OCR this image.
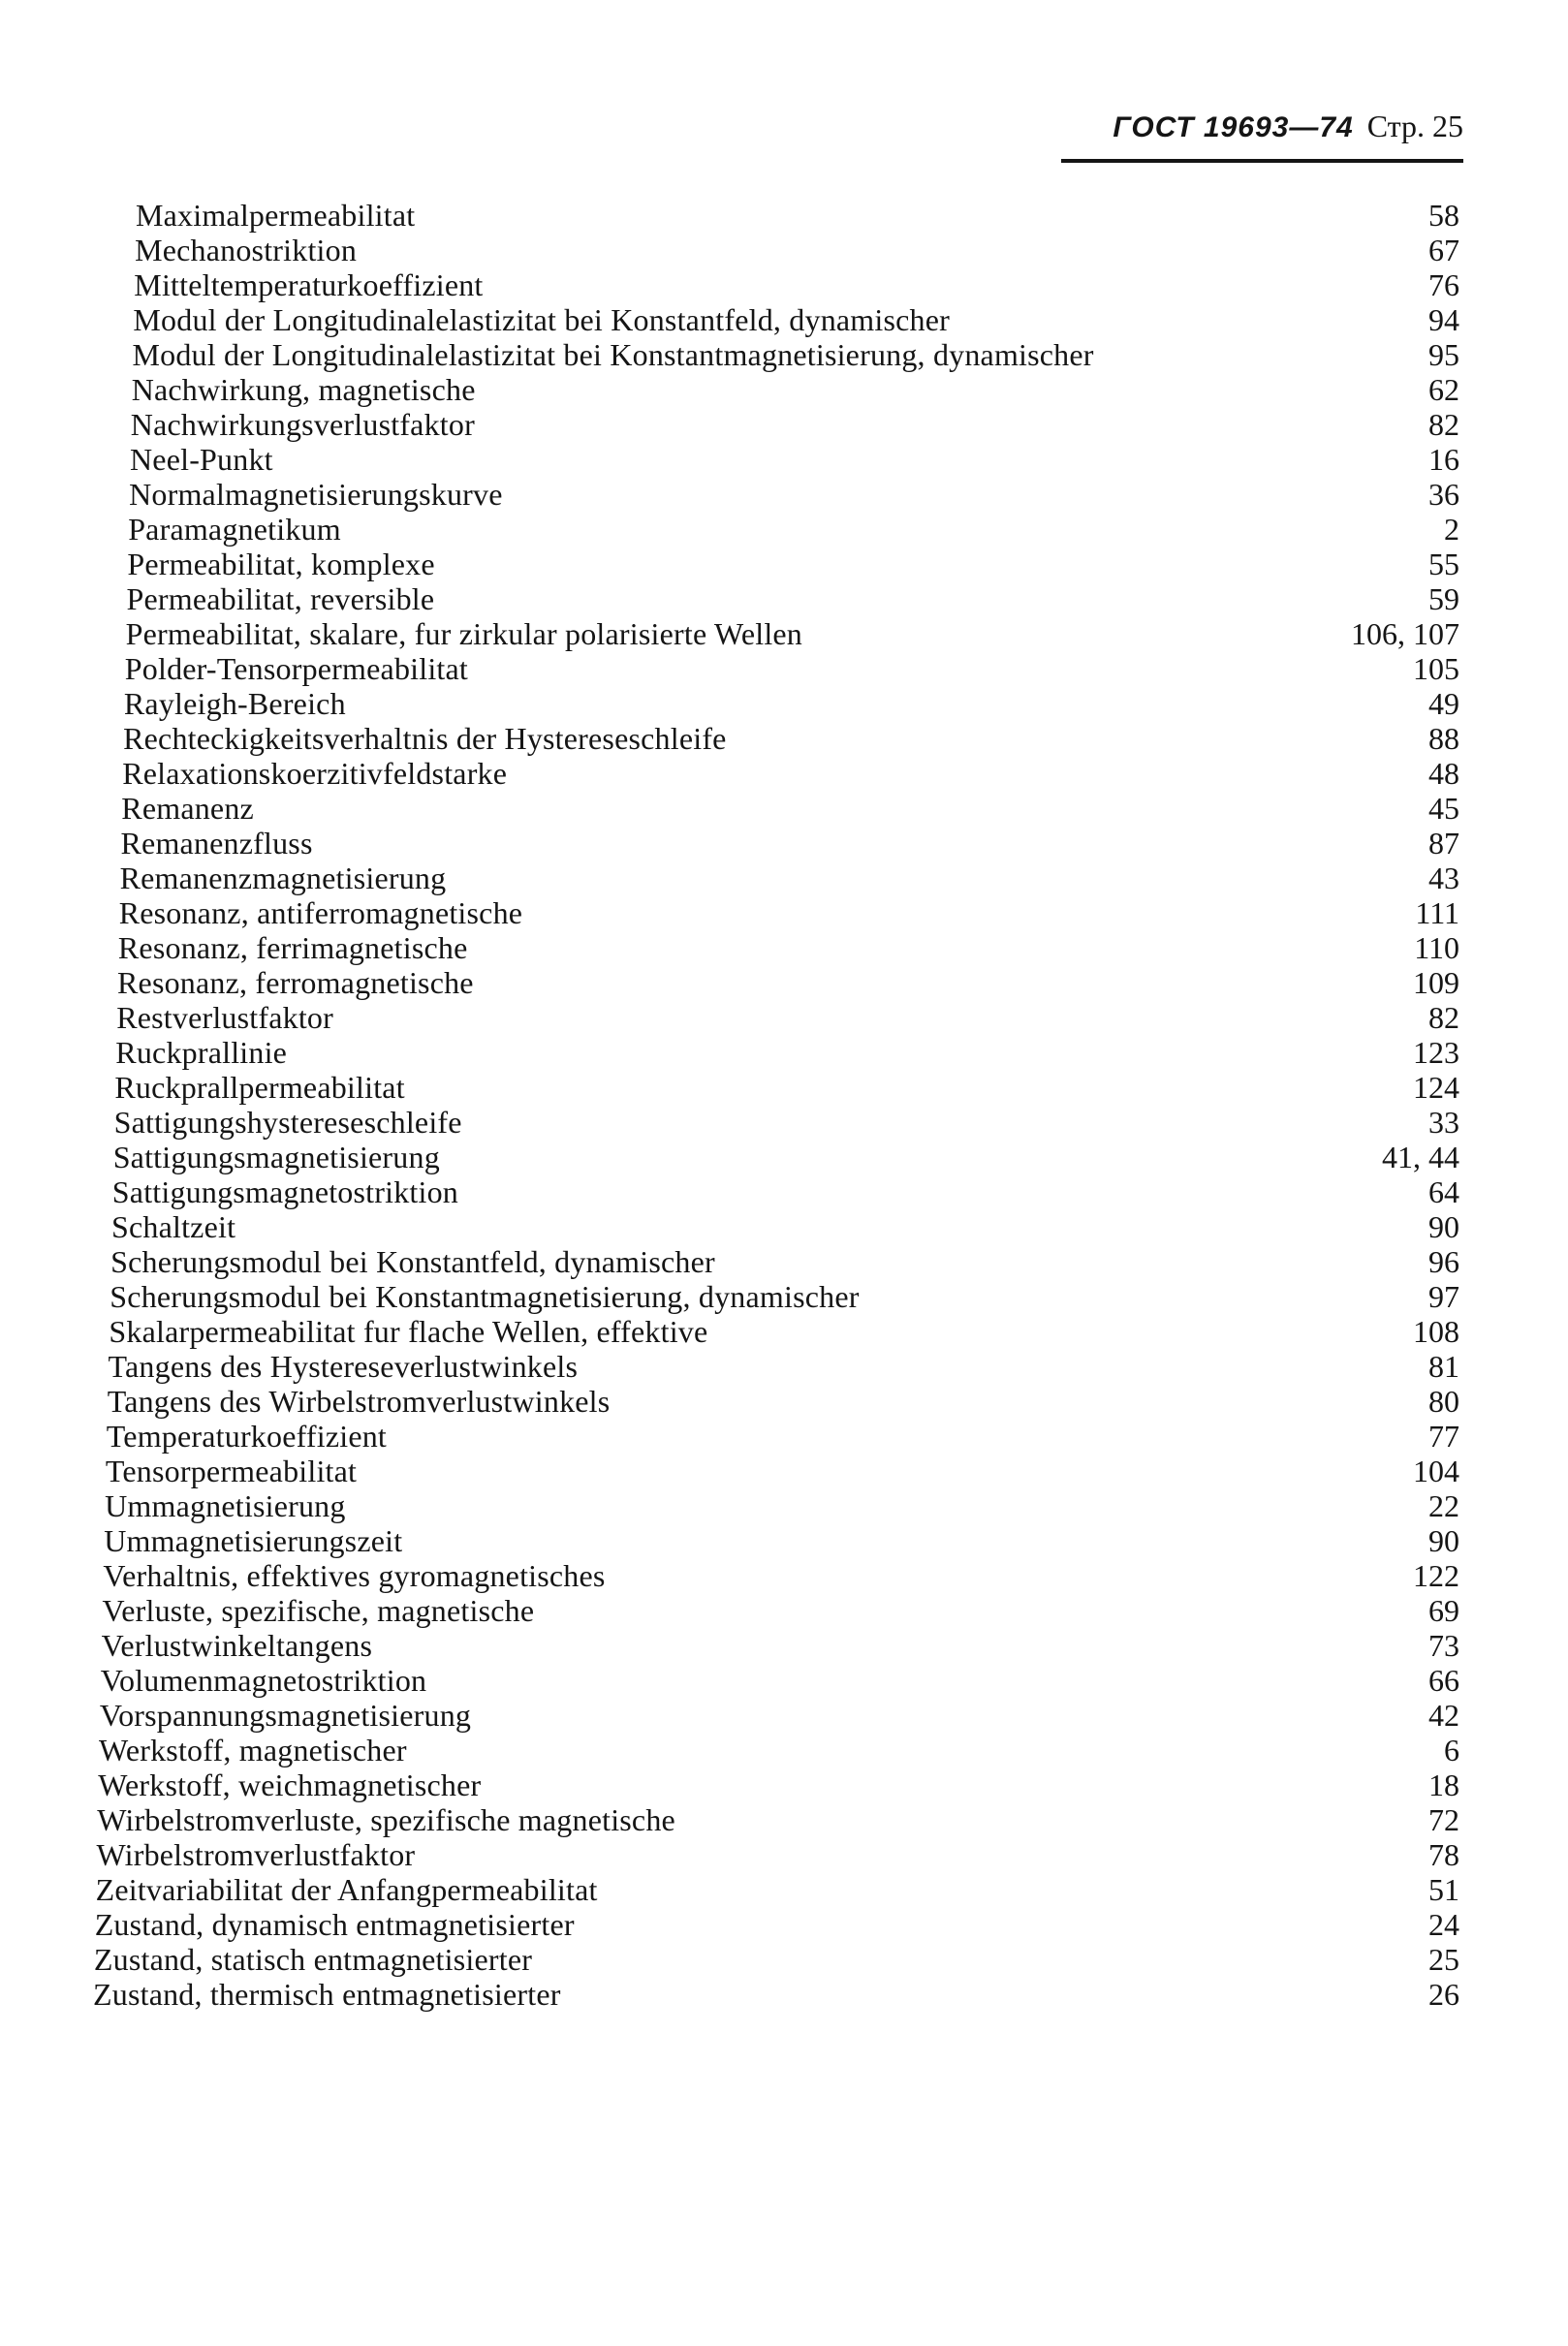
ГОСТ 19693—74 Стр. 25
Maximalpermeabilitat	58
Mechanostriktion	67
Mitteltemperaturkoeffizient	76
Modul der Longitudinalelastizitat bei Konstantfeld, dynamischer	94
Modul der Longitudinalelastizitat bei Konstantmagnetisierung, dynamischer	95
Nachwirkung, magnetische	62
Nachwirkungsverlustfaktor	82
Neel-Punkt	16
Normalmagnetisierungskurve	36
Paramagnetikum	2
Permeabilitat, komplexe	55
Permeabilitat, reversible	59
Permeabilitat, skalare, fur zirkular polarisierte Wellen	106, 107
Polder-Tensorpermeabilitat	105
Rayleigh-Bereich	49
Rechteckigkeitsverhaltnis der Hystereseschleife	88
Relaxationskoerzitivfeldstarke	48
Remanenz	45
Remanenzfluss	87
Remanenzmagnetisierung	43
Resonanz, antiferromagnetische	111
Resonanz, ferrimagnetische	110
Resonanz, ferromagnetische	109
Restverlustfaktor	82
Ruckprallinie	123
Ruckprallpermeabilitat	124
Sattigungshystereseschleife	33
Sattigungsmagnetisierung	41, 44
Sattigungsmagnetostriktion	64
Schaltzeit	90
Scherungsmodul bei Konstantfeld, dynamischer	96
Scherungsmodul bei Konstantmagnetisierung, dynamischer	97
Skalarpermeabilitat fur flache Wellen, effektive	108
Tangens des Hystereseverlustwinkels	81
Tangens des Wirbelstromverlustwinkels	80
Temperaturkoeffizient	77
Tensorpermeabilitat	104
Ummagnetisierung	22
Ummagnetisierungszeit	90
Verhaltnis, effektives gyromagnetisches	122
Verluste, spezifische, magnetische	69
Verlustwinkeltangens	73
Volumenmagnetostriktion	66
Vorspannungsmagnetisierung	42
Werkstoff, magnetischer	6
Werkstoff, weichmagnetischer	18
Wirbelstromverluste, spezifische magnetische	72
Wirbelstromverlustfaktor	78
Zeitvariabilitat der Anfangpermeabilitat	51
Zustand, dynamisch entmagnetisierter	24
Zustand, statisch entmagnetisierter	25
Zustand, thermisch entmagnetisierter	26
